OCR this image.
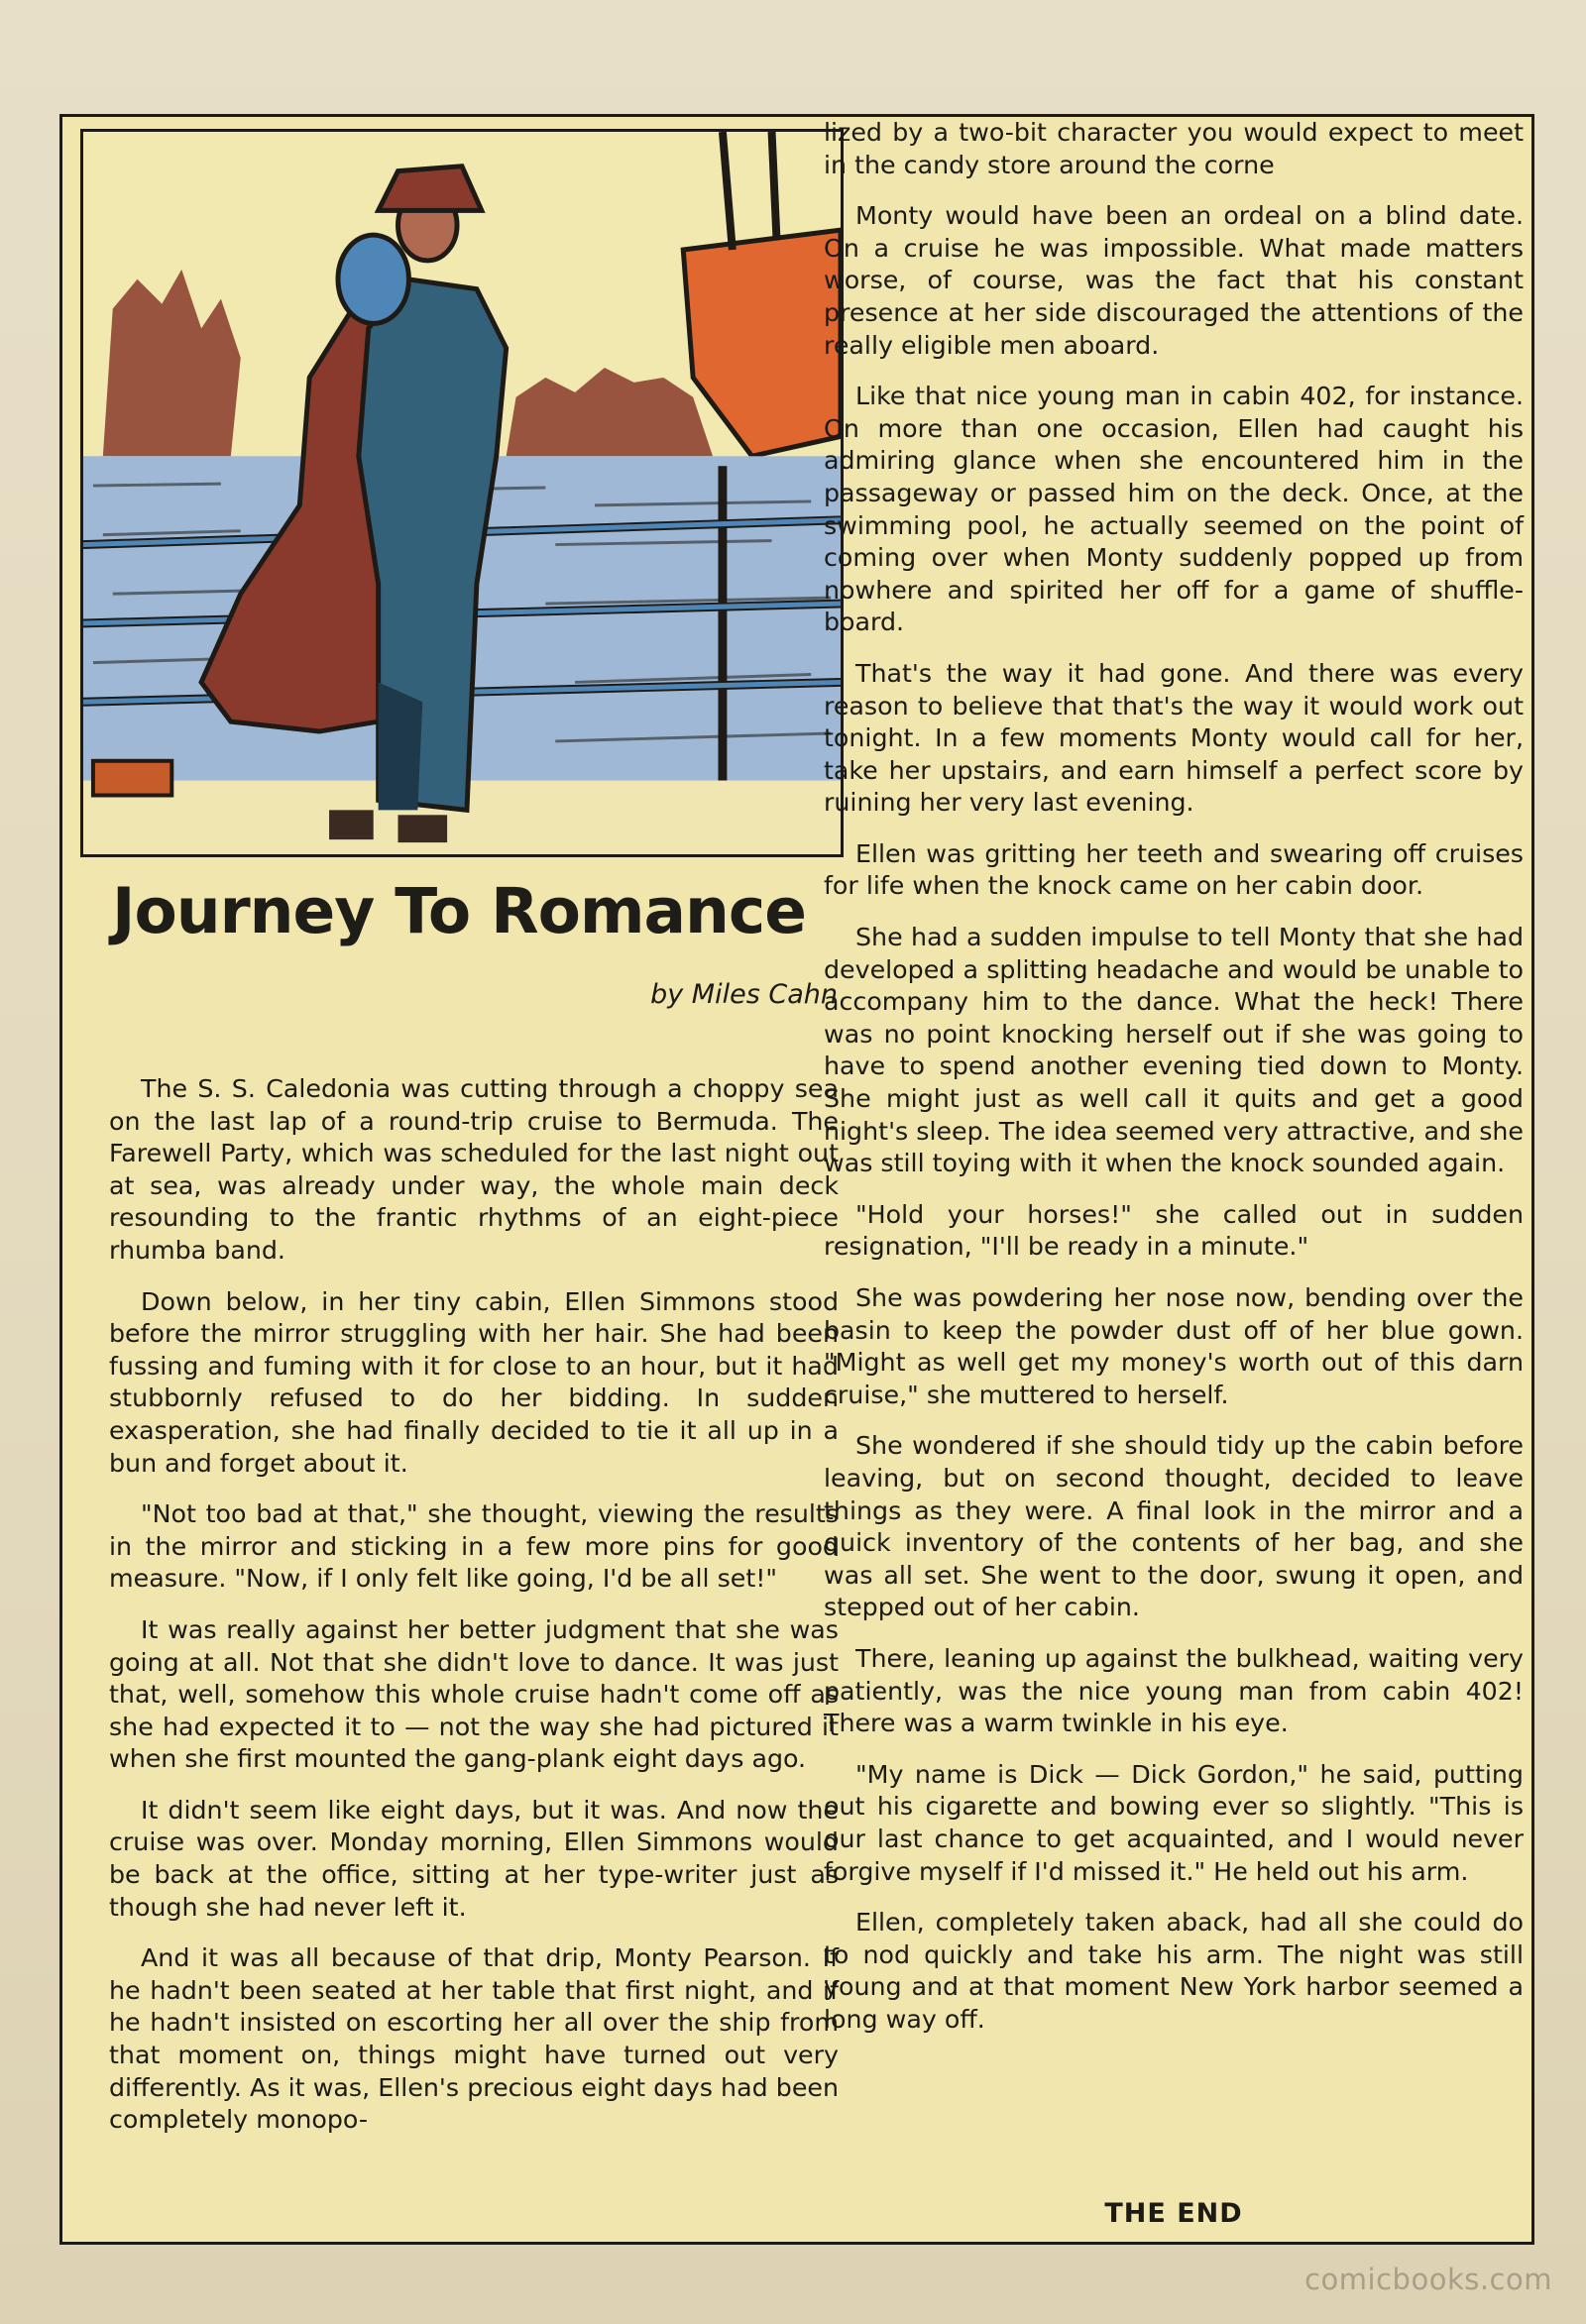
Journey To Romance
by Miles Cahn

The S. S. Caledonia was cutting through a choppy sea on the last lap of a round-trip cruise to Bermuda. The Farewell Party, which was scheduled for the last night out at sea, was already under way, the whole main deck resounding to the frantic rhythms of an eight-piece rhumba band.

Down below, in her tiny cabin, Ellen Simmons stood before the mirror struggling with her hair. She had been fussing and fuming with it for close to an hour, but it had stubbornly refused to do her bidding. In sudden exasperation, she had finally decided to tie it all up in a bun and forget about it.

"Not too bad at that," she thought, viewing the results in the mirror and sticking in a few more pins for good measure. "Now, if I only felt like going, I'd be all set!"

It was really against her better judgment that she was going at all. Not that she didn't love to dance. It was just that, well, somehow this whole cruise hadn't come off as she had expected it to — not the way she had pictured it when she first mounted the gang-plank eight days ago.

It didn't seem like eight days, but it was. And now the cruise was over. Monday morning, Ellen Simmons would be back at the office, sitting at her type-writer just as though she had never left it.

And it was all because of that drip, Monty Pearson. If he hadn't been seated at her table that first night, and if he hadn't insisted on escorting her all over the ship from that moment on, things might have turned out very differently. As it was, Ellen's precious eight days had been completely monopo-

lized by a two-bit character you would expect to meet in the candy store around the corne

Monty would have been an ordeal on a blind date. On a cruise he was impossible. What made matters worse, of course, was the fact that his constant presence at her side discouraged the attentions of the really eligible men aboard.

Like that nice young man in cabin 402, for instance. On more than one occasion, Ellen had caught his admiring glance when she encountered him in the passageway or passed him on the deck. Once, at the swimming pool, he actually seemed on the point of coming over when Monty suddenly popped up from nowhere and spirited her off for a game of shuffle-board.

That's the way it had gone. And there was every reason to believe that that's the way it would work out tonight. In a few moments Monty would call for her, take her upstairs, and earn himself a perfect score by ruining her very last evening.

Ellen was gritting her teeth and swearing off cruises for life when the knock came on her cabin door.

She had a sudden impulse to tell Monty that she had developed a splitting headache and would be unable to accompany him to the dance. What the heck! There was no point knocking herself out if she was going to have to spend another evening tied down to Monty. She might just as well call it quits and get a good night's sleep. The idea seemed very attractive, and she was still toying with it when the knock sounded again.

"Hold your horses!" she called out in sudden resignation, "I'll be ready in a minute."

She was powdering her nose now, bending over the basin to keep the powder dust off of her blue gown. "Might as well get my money's worth out of this darn cruise," she muttered to herself.

She wondered if she should tidy up the cabin before leaving, but on second thought, decided to leave things as they were. A final look in the mirror and a quick inventory of the contents of her bag, and she was all set. She went to the door, swung it open, and stepped out of her cabin.

There, leaning up against the bulkhead, waiting very patiently, was the nice young man from cabin 402! There was a warm twinkle in his eye.

"My name is Dick — Dick Gordon," he said, putting out his cigarette and bowing ever so slightly. "This is our last chance to get acquainted, and I would never forgive myself if I'd missed it." He held out his arm.

Ellen, completely taken aback, had all she could do to nod quickly and take his arm. The night was still young and at that moment New York harbor seemed a long way off.

THE END
comicbooks.com
